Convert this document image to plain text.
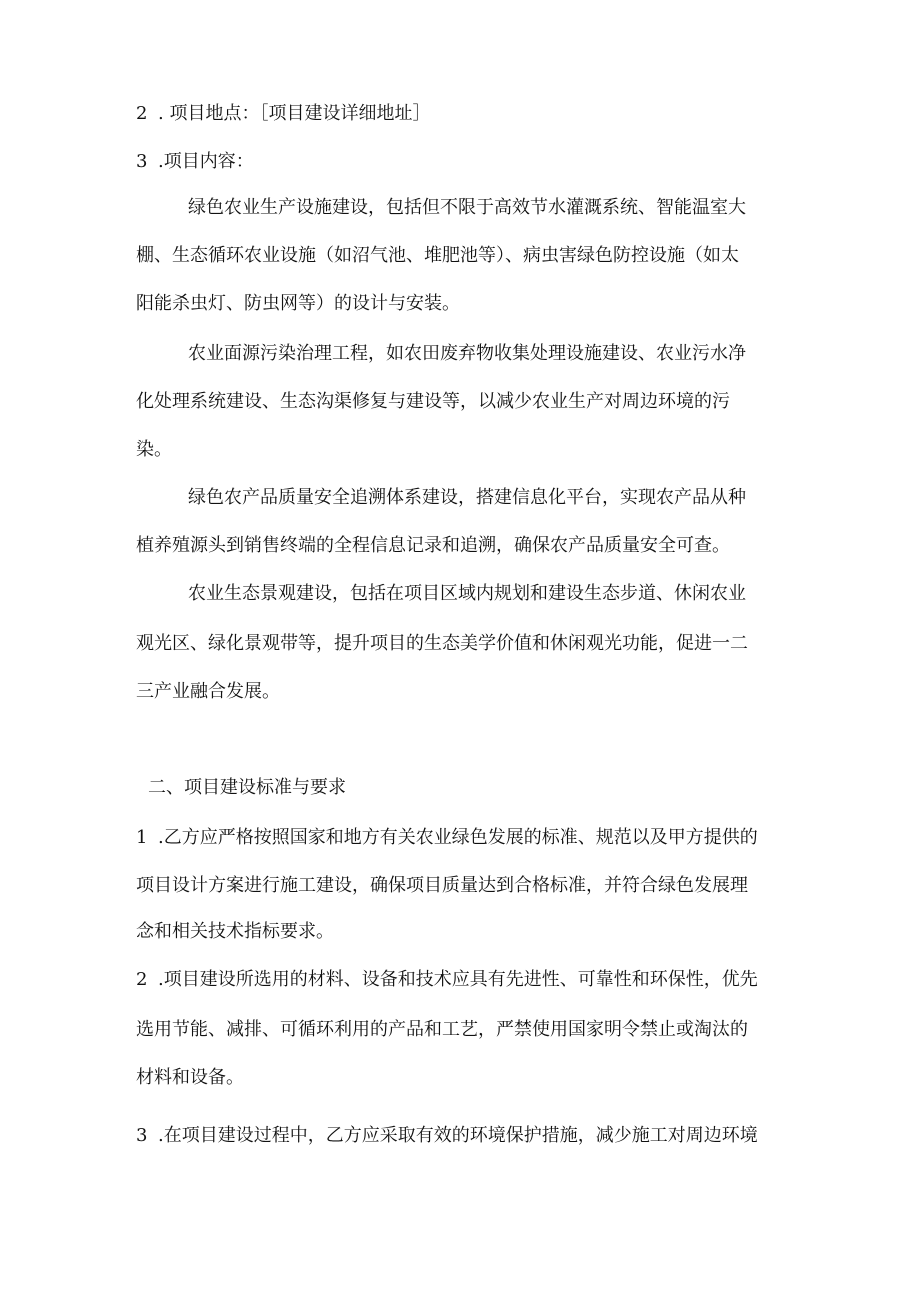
2 . 项目地点：［项目建设详细地址］
3 .项目内容：
绿色农业生产设施建设，包括但不限于高效节水灌溉系统、智能温室大
棚、生态循环农业设施（如沼气池、堆肥池等）、病虫害绿色防控设施（如太
阳能杀虫灯、防虫网等）的设计与安装。
农业面源污染治理工程，如农田废弃物收集处理设施建设、农业污水净
化处理系统建设、生态沟渠修复与建设等，以减少农业生产对周边环境的污
染。
绿色农产品质量安全追溯体系建设，搭建信息化平台，实现农产品从种
植养殖源头到销售终端的全程信息记录和追溯，确保农产品质量安全可查。
农业生态景观建设，包括在项目区域内规划和建设生态步道、休闲农业
观光区、绿化景观带等，提升项目的生态美学价值和休闲观光功能，促进一二
三产业融合发展。
二、项目建设标准与要求
1 .乙方应严格按照国家和地方有关农业绿色发展的标准、规范以及甲方提供的
项目设计方案进行施工建设，确保项目质量达到合格标准，并符合绿色发展理
念和相关技术指标要求。
2 .项目建设所选用的材料、设备和技术应具有先进性、可靠性和环保性，优先
选用节能、减排、可循环利用的产品和工艺，严禁使用国家明令禁止或淘汰的
材料和设备。
3 .在项目建设过程中，乙方应采取有效的环境保护措施，减少施工对周边环境
